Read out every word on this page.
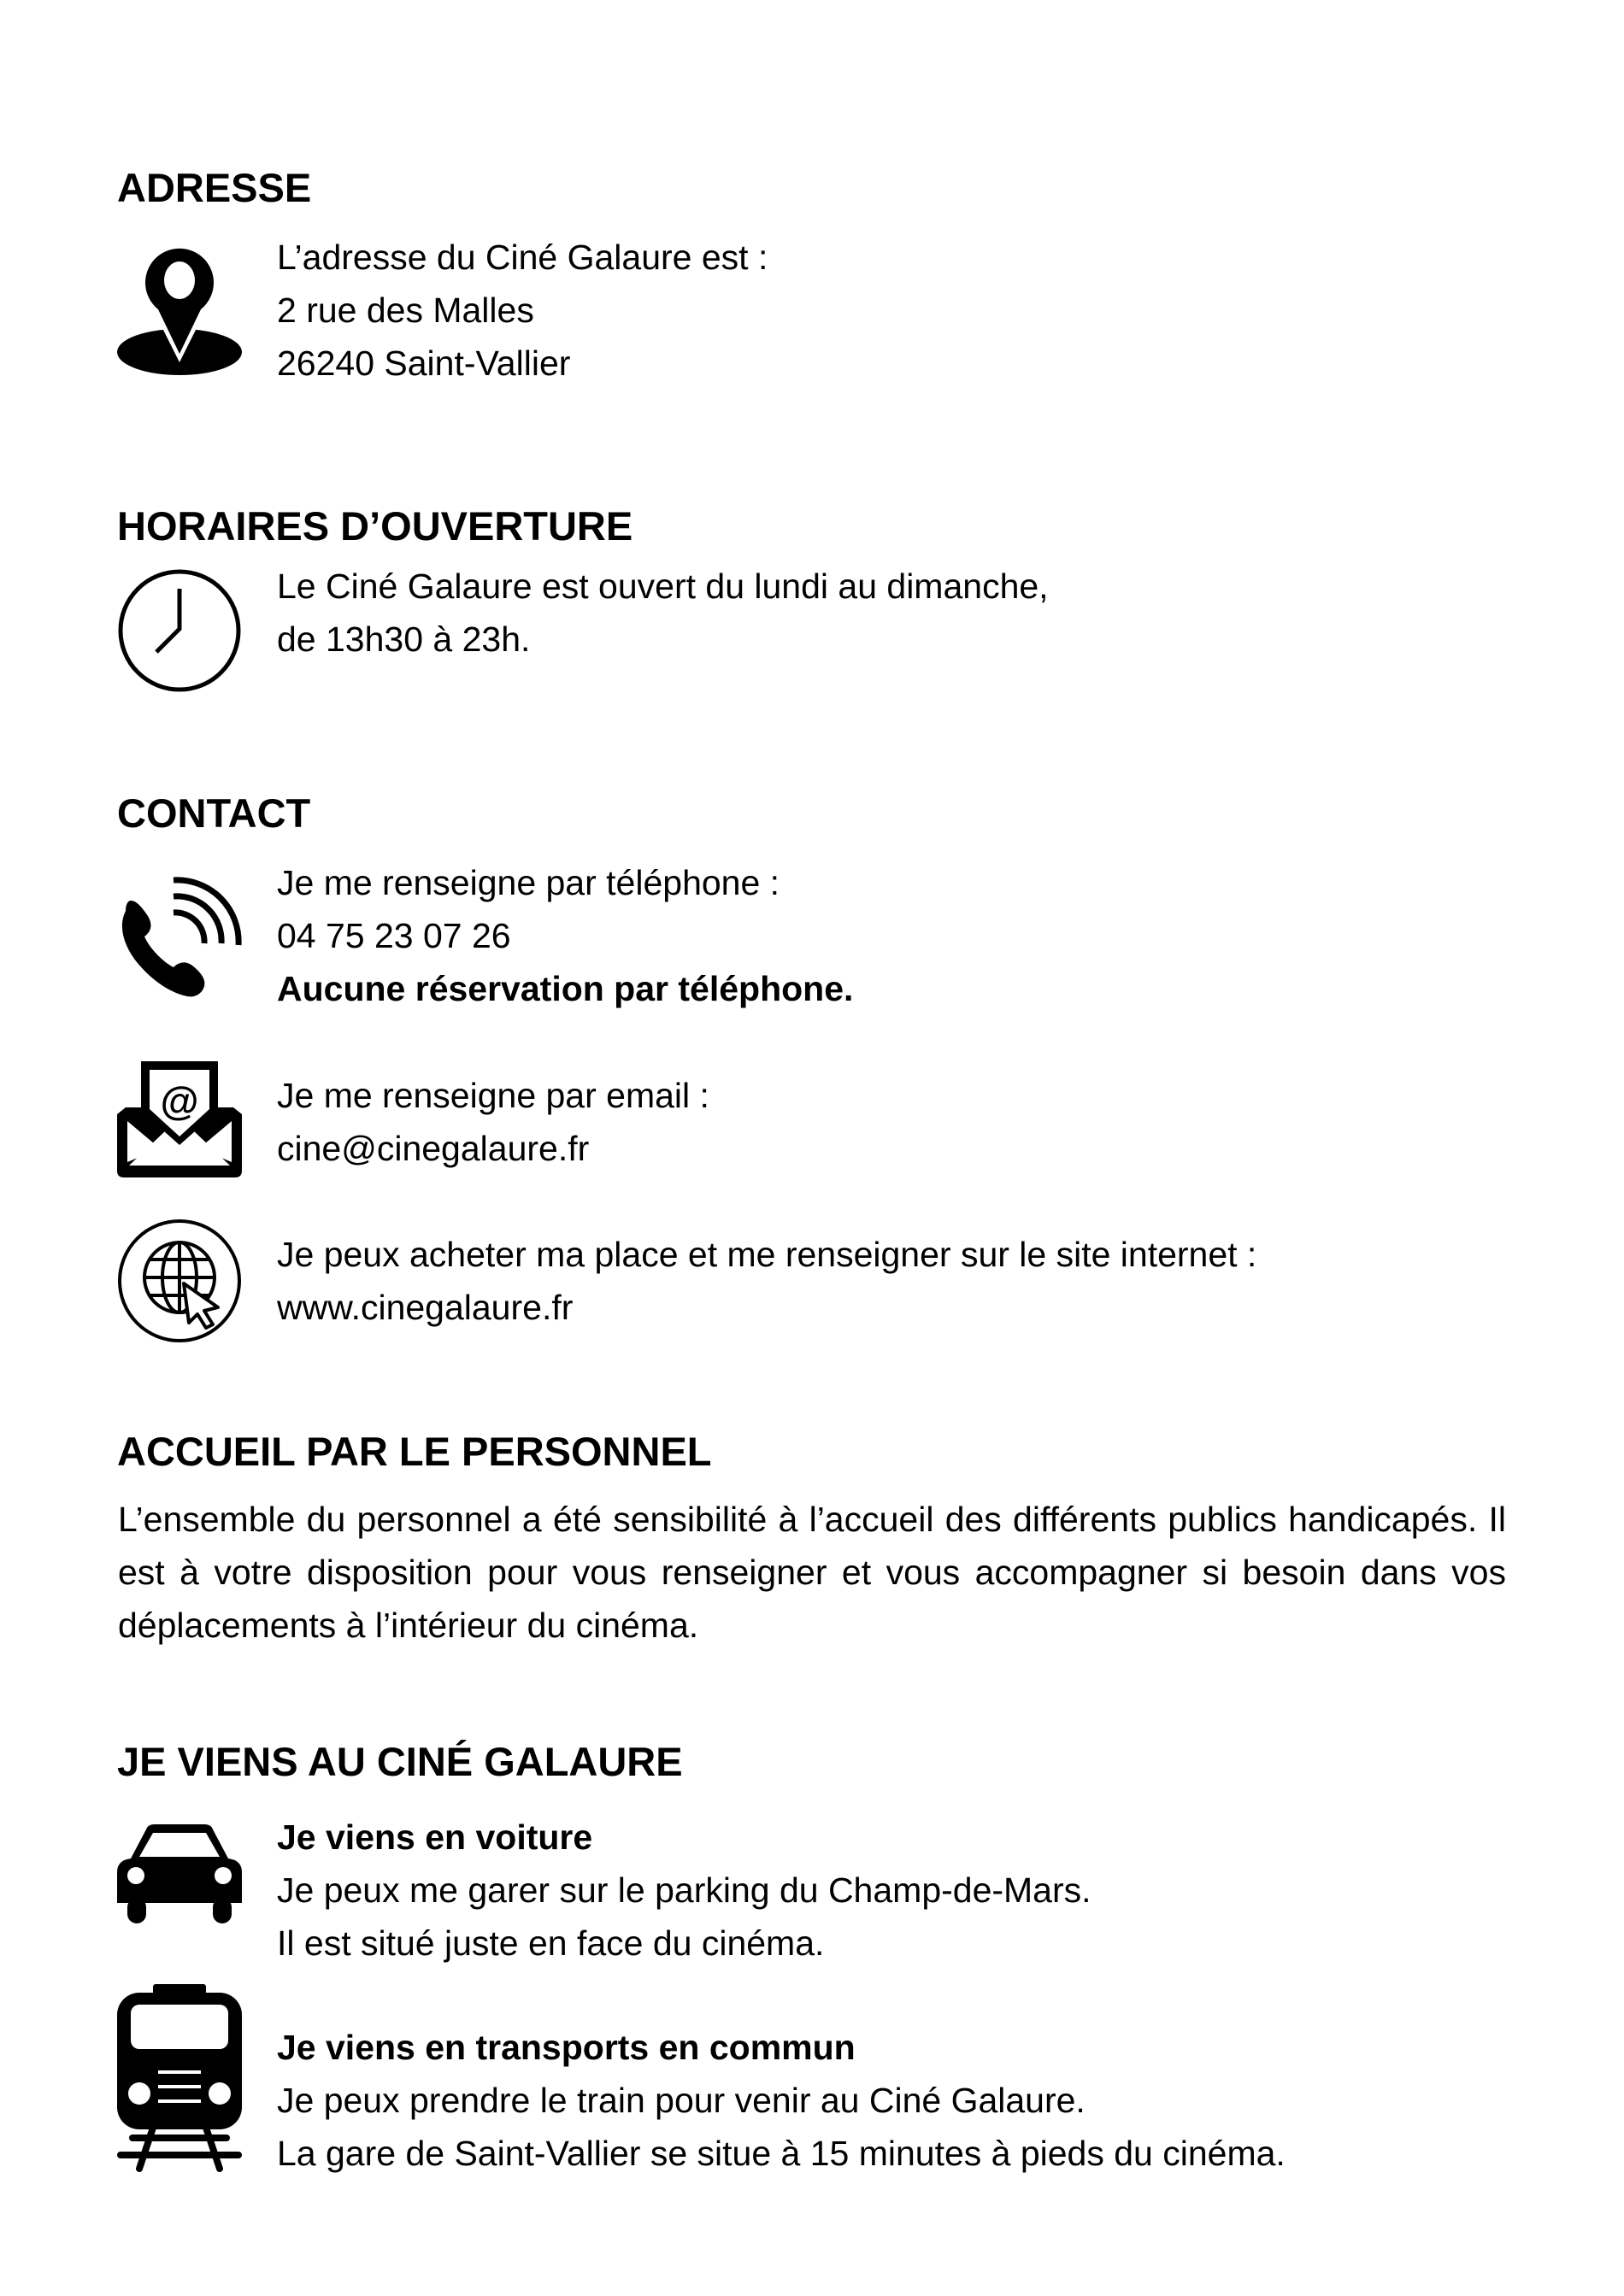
ADRESSE
L’adresse du Ciné Galaure est :
2 rue des Malles
26240 Saint-Vallier
HORAIRES D’OUVERTURE
Le Ciné Galaure est ouvert du lundi au dimanche,
de 13h30 à 23h.
CONTACT
Je me renseigne par téléphone :
04 75 23 07 26
Aucune réservation par téléphone.
@ Je me renseigne par email :
cine@cinegalaure.fr
Je peux acheter ma place et me renseigner sur le site internet :
www.cinegalaure.fr
ACCUEIL PAR LE PERSONNEL

L’ensemble du personnel a été sensibilité à l’accueil des différents publics handicapés. Il est à votre disposition pour vous renseigner et vous accompagner si besoin dans vos déplacements à l’intérieur du cinéma.

JE VIENS AU CINÉ GALAURE
Je viens en voiture
Je peux me garer sur le parking du Champ-de-Mars.
Il est situé juste en face du cinéma.
Je viens en transports en commun
Je peux prendre le train pour venir au Ciné Galaure.
La gare de Saint-Vallier se situe à 15 minutes à pieds du cinéma.
